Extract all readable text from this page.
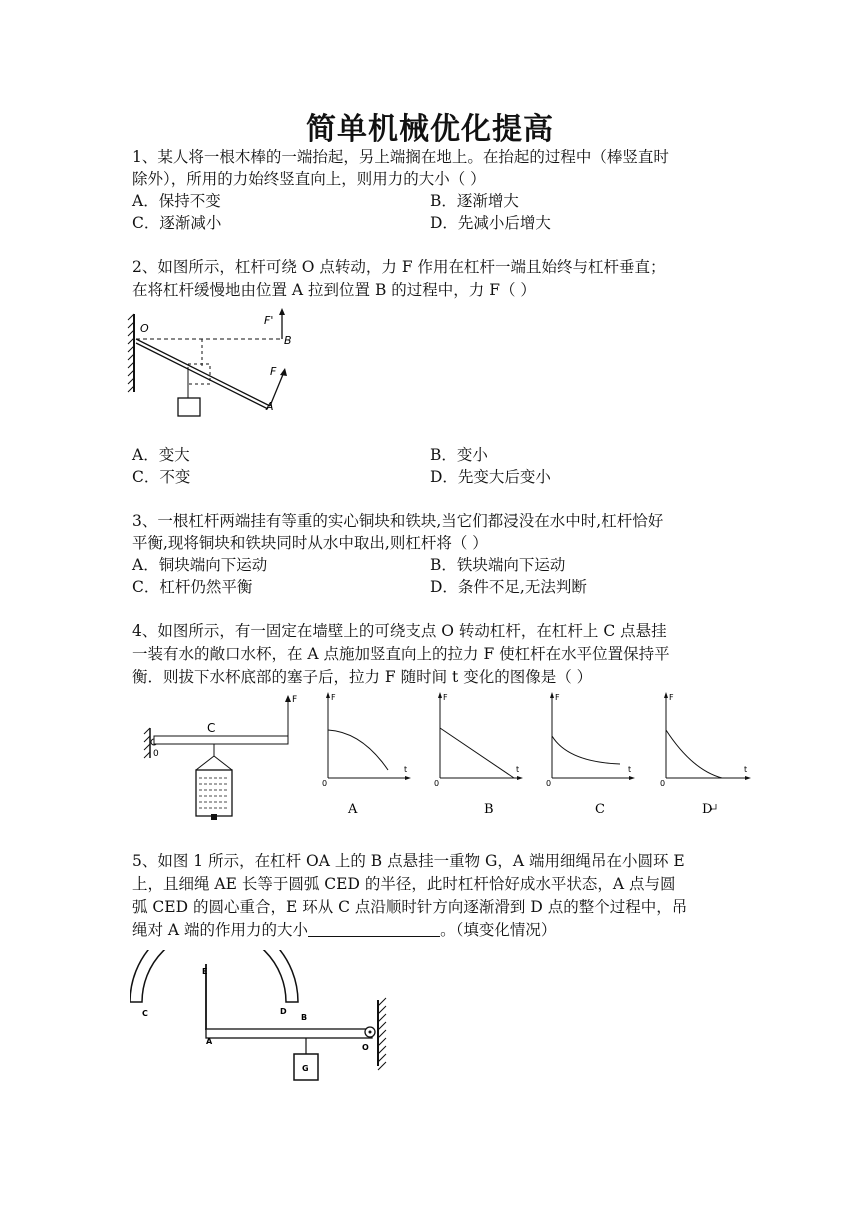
简单机械优化提高
1、某人将一根木棒的一端抬起，另上端搁在地上。在抬起的过程中（棒竖直时
除外），所用的力始终竖直向上，则用力的大小（ ）
A．保持不变	B．逐渐增大
C．逐渐减小	D．先减小后增大
2、如图所示，杠杆可绕 O 点转动，力 F 作用在杠杆一端且始终与杠杆垂直；
在将杠杆缓慢地由位置 A 拉到位置 B 的过程中，力 F（ ）
O
F'
B
F
A
A．变大	B．变小
C．不变	D．先变大后变小
3、一根杠杆两端挂有等重的实心铜块和铁块,当它们都浸没在水中时,杠杆恰好
平衡,现将铜块和铁块同时从水中取出,则杠杆将（ ）
A．铜块端向下运动	B．铁块端向下运动
C．杠杆仍然平衡	D．条件不足,无法判断
4、如图所示，有一固定在墙壁上的可绕支点 O 转动杠杆，在杠杆上 C 点悬挂
一装有水的敞口水杯，在 A 点施加竖直向上的拉力 F 使杠杆在水平位置保持平
衡．则拔下水杯底部的塞子后，拉力 F 随时间 t 变化的图像是（ ）
F
C
0
F
t
0
A
F
t
0
B
F
t
0
C
F
t
0
D
5、如图 1 所示，在杠杆 OA 上的 B 点悬挂一重物 G，A 端用细绳吊在小圆环 E
上，且细绳 AE 长等于圆弧 CED 的半径，此时杠杆恰好成水平状态，A 点与圆
弧 CED 的圆心重合，E 环从 C 点沿顺时针方向逐渐滑到 D 点的整个过程中，吊
绳对 A 端的作用力的大小	。（填变化情况）
G
E
C	D
B
A
O
